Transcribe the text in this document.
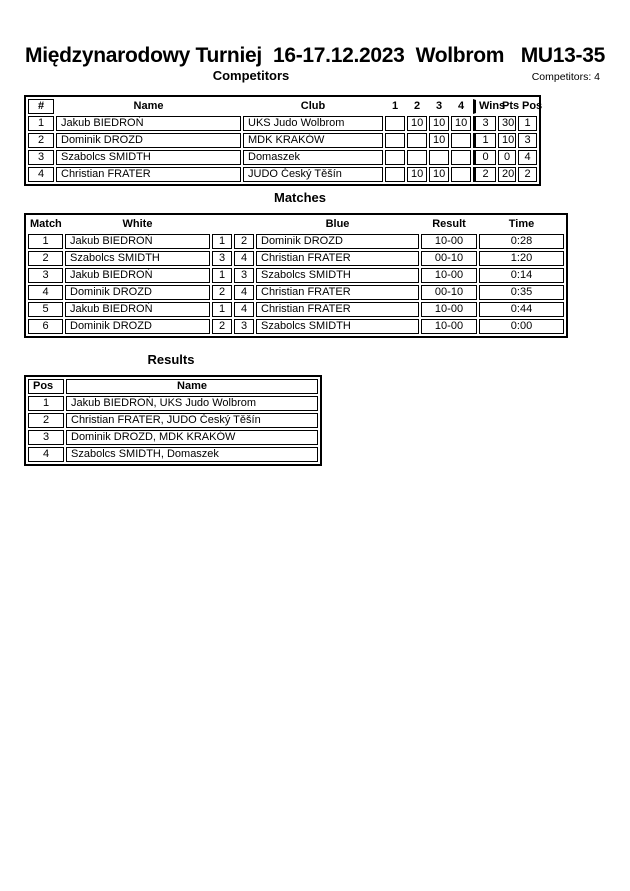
Międzynarodowy Turniej  16-17.12.2023  Wolbrom   MU13-35
Competitors	Competitors: 4
#	Name	Club	1	2	3	4	Wins	Pts	Pos
1	Jakub BIEDROŃ	UKS Judo Wolbrom		10	10	10	3	30	1
2	Dominik DROZD	MDK KRAKÓW			10		1	10	3
3	Szabolcs SMIDTH	Domaszek					0	0	4
4	Christian FRATER	JUDO Český Těšín		10	10		2	20	2
Matches
Match	White			Blue	Result	Time
1	Jakub BIEDROŃ	1	2	Dominik DROZD	10-00	0:28
2	Szabolcs SMIDTH	3	4	Christian FRATER	00-10	1:20
3	Jakub BIEDROŃ	1	3	Szabolcs SMIDTH	10-00	0:14
4	Dominik DROZD	2	4	Christian FRATER	00-10	0:35
5	Jakub BIEDROŃ	1	4	Christian FRATER	10-00	0:44
6	Dominik DROZD	2	3	Szabolcs SMIDTH	10-00	0:00
Results
Pos	Name
1	Jakub BIEDROŃ, UKS Judo Wolbrom
2	Christian FRATER, JUDO Český Těšín
3	Dominik DROZD, MDK KRAKÓW
4	Szabolcs SMIDTH, Domaszek
